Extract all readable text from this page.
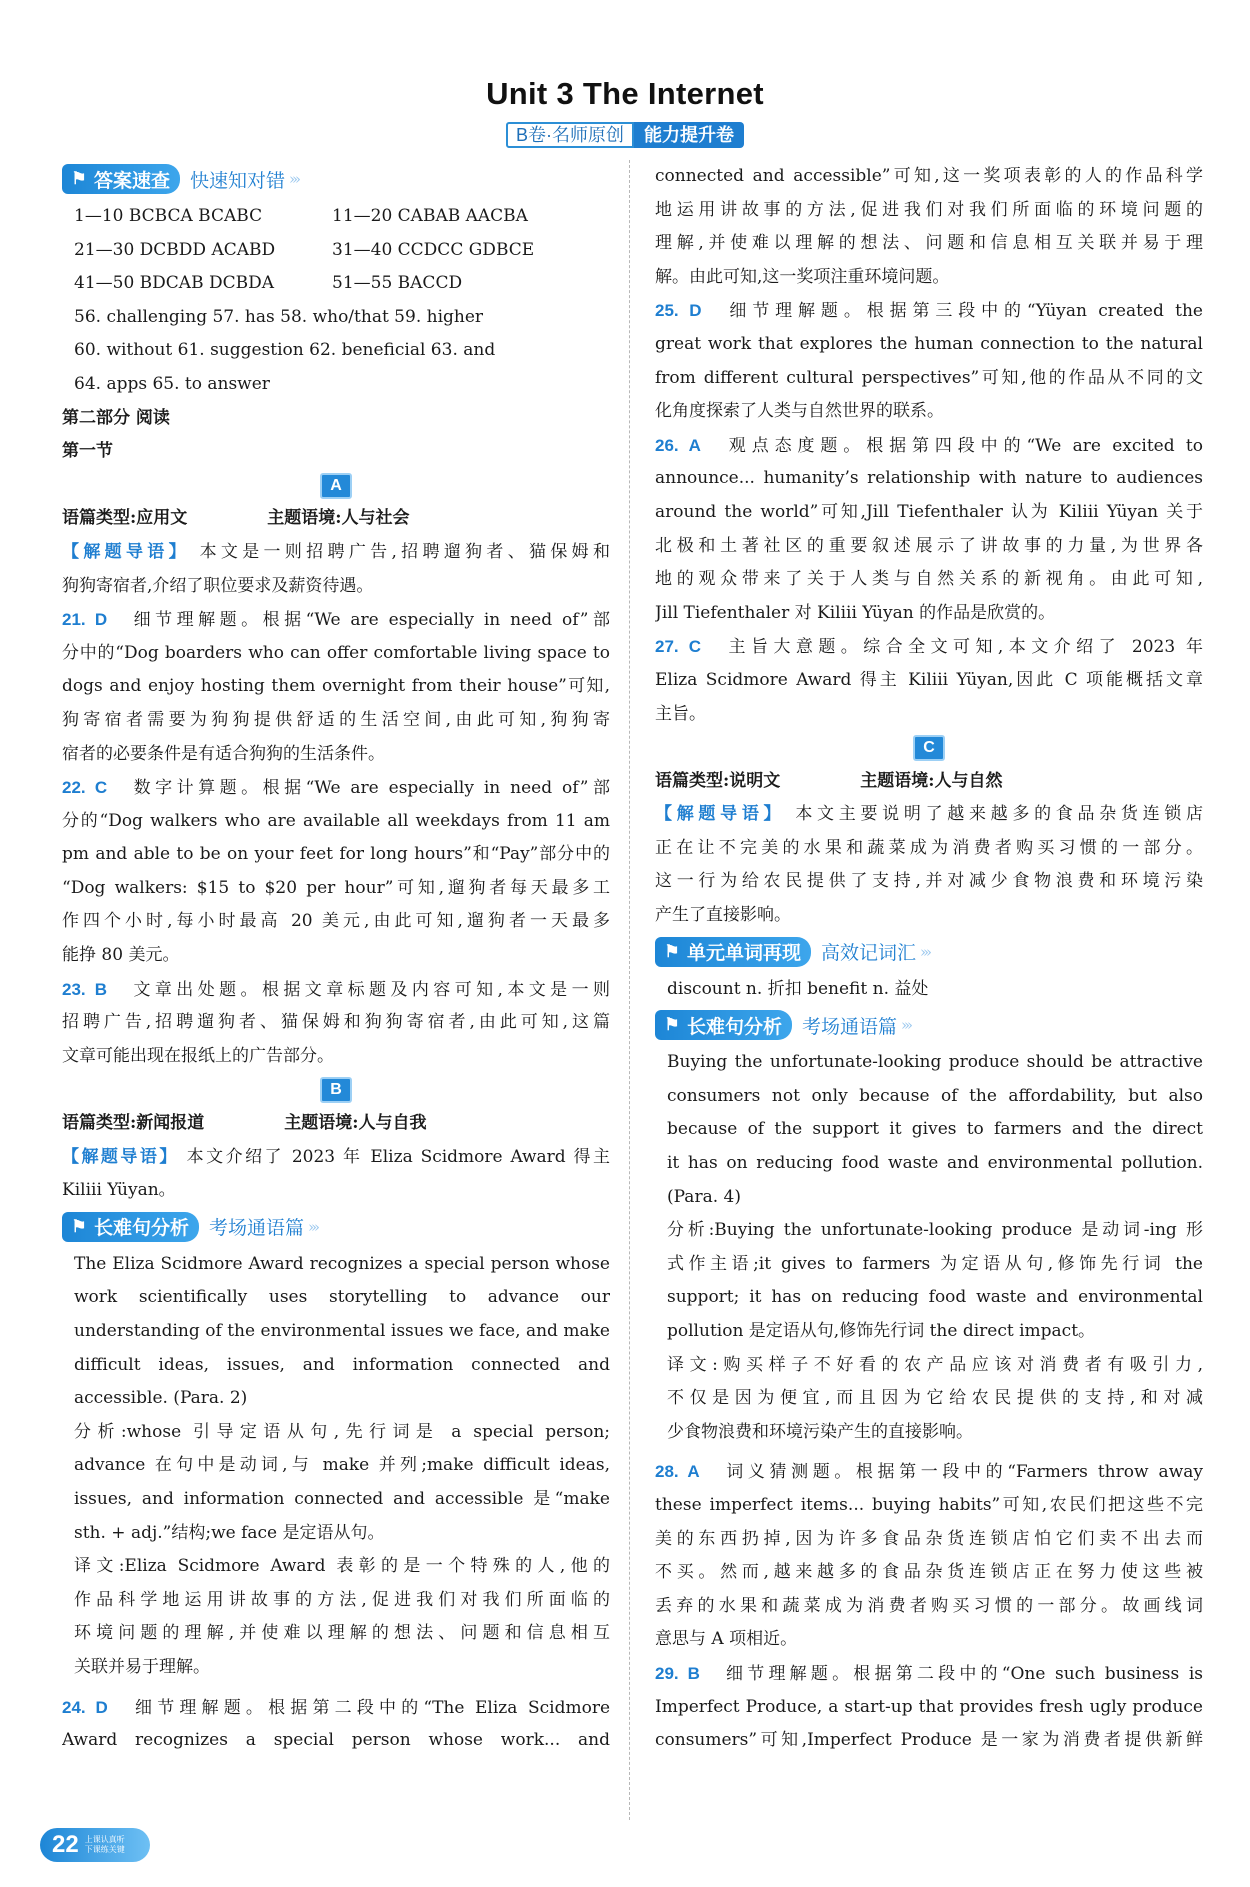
Unit 3 The Internet
B卷·名师原创 能力提升卷
⚑ 答案速查 快速知对错 ›››
1—10 BCBCA BCABC	11—20 CABAB AACBA
21—30 DCBDD ACABD	31—40 CCDCC GDBCE
41—50 BDCAB DCBDA	51—55 BACCD
56. challenging 57. has 58. who/that 59. higher
60. without 61. suggestion 62. beneficial 63. and
64. apps 65. to answer
第二部分 阅读
第一节
A
语篇类型:应用文	主题语境:人与社会
【解题导语】 本文是一则招聘广告,招聘遛狗者、猫保姆和
狗狗寄宿者,介绍了职位要求及薪资待遇。
21. D 细节理解题。根据“We are especially in need of”部
分中的“Dog boarders who can offer comfortable living space to
dogs and enjoy hosting them overnight from their house”可知,
狗寄宿者需要为狗狗提供舒适的生活空间,由此可知,狗狗寄
宿者的必要条件是有适合狗狗的生活条件。
22. C 数字计算题。根据“We are especially in need of”部
分的“Dog walkers who are available all weekdays from 11 am
pm and able to be on your feet for long hours”和“Pay”部分中的
“Dog walkers: $15 to $20 per hour”可知,遛狗者每天最多工
作四个小时,每小时最高 20 美元,由此可知,遛狗者一天最多
能挣 80 美元。
23. B 文章出处题。根据文章标题及内容可知,本文是一则
招聘广告,招聘遛狗者、猫保姆和狗狗寄宿者,由此可知,这篇
文章可能出现在报纸上的广告部分。
B
语篇类型:新闻报道	主题语境:人与自我
【解题导语】 本文介绍了 2023 年 Eliza Scidmore Award 得主
Kiliii Yüyan。
⚑ 长难句分析 考场通语篇 ›››
The Eliza Scidmore Award recognizes a special person whose
work scientifically uses storytelling to advance our
understanding of the environmental issues we face, and make
difficult ideas, issues, and information connected and
accessible. (Para. 2)
分析:whose 引导定语从句,先行词是 a special person;
advance 在句中是动词,与 make 并列;make difficult ideas,
issues, and information connected and accessible 是“make
sth. + adj.”结构;we face 是定语从句。
译文:Eliza Scidmore Award 表彰的是一个特殊的人,他的
作品科学地运用讲故事的方法,促进我们对我们所面临的
环境问题的理解,并使难以理解的想法、问题和信息相互
关联并易于理解。
24. D 细节理解题。根据第二段中的“The Eliza Scidmore
Award recognizes a special person whose work... and
connected and accessible”可知,这一奖项表彰的人的作品科学
地运用讲故事的方法,促进我们对我们所面临的环境问题的
理解,并使难以理解的想法、问题和信息相互关联并易于理
解。由此可知,这一奖项注重环境问题。
25. D 细节理解题。根据第三段中的“Yüyan created the
great work that explores the human connection to the natural
from different cultural perspectives”可知,他的作品从不同的文
化角度探索了人类与自然世界的联系。
26. A 观点态度题。根据第四段中的“We are excited to
announce... humanity’s relationship with nature to audiences
around the world”可知,Jill Tiefenthaler 认为 Kiliii Yüyan 关于
北极和土著社区的重要叙述展示了讲故事的力量,为世界各
地的观众带来了关于人类与自然关系的新视角。由此可知,
Jill Tiefenthaler 对 Kiliii Yüyan 的作品是欣赏的。
27. C 主旨大意题。综合全文可知,本文介绍了 2023 年
Eliza Scidmore Award 得主 Kiliii Yüyan,因此 C 项能概括文章
主旨。
C
语篇类型:说明文	主题语境:人与自然
【解题导语】 本文主要说明了越来越多的食品杂货连锁店
正在让不完美的水果和蔬菜成为消费者购买习惯的一部分。
这一行为给农民提供了支持,并对减少食物浪费和环境污染
产生了直接影响。
⚑ 单元单词再现 高效记词汇 ›››
discount n. 折扣 benefit n. 益处
⚑ 长难句分析 考场通语篇 ›››
Buying the unfortunate-looking produce should be attractive
consumers not only because of the affordability, but also
because of the support it gives to farmers and the direct
it has on reducing food waste and environmental pollution.
(Para. 4)
分析:Buying the unfortunate-looking produce 是动词-ing 形
式作主语;it gives to farmers 为定语从句,修饰先行词 the
support; it has on reducing food waste and environmental
pollution 是定语从句,修饰先行词 the direct impact。
译文:购买样子不好看的农产品应该对消费者有吸引力,
不仅是因为便宜,而且因为它给农民提供的支持,和对减
少食物浪费和环境污染产生的直接影响。
28. A 词义猜测题。根据第一段中的“Farmers throw away
these imperfect items... buying habits”可知,农民们把这些不完
美的东西扔掉,因为许多食品杂货连锁店怕它们卖不出去而
不买。然而,越来越多的食品杂货连锁店正在努力使这些被
丢弃的水果和蔬菜成为消费者购买习惯的一部分。故画线词
意思与 A 项相近。
29. B 细节理解题。根据第二段中的“One such business is
Imperfect Produce, a start-up that provides fresh ugly produce
consumers”可知,Imperfect Produce 是一家为消费者提供新鲜
22 上课认真听
下课练关键
